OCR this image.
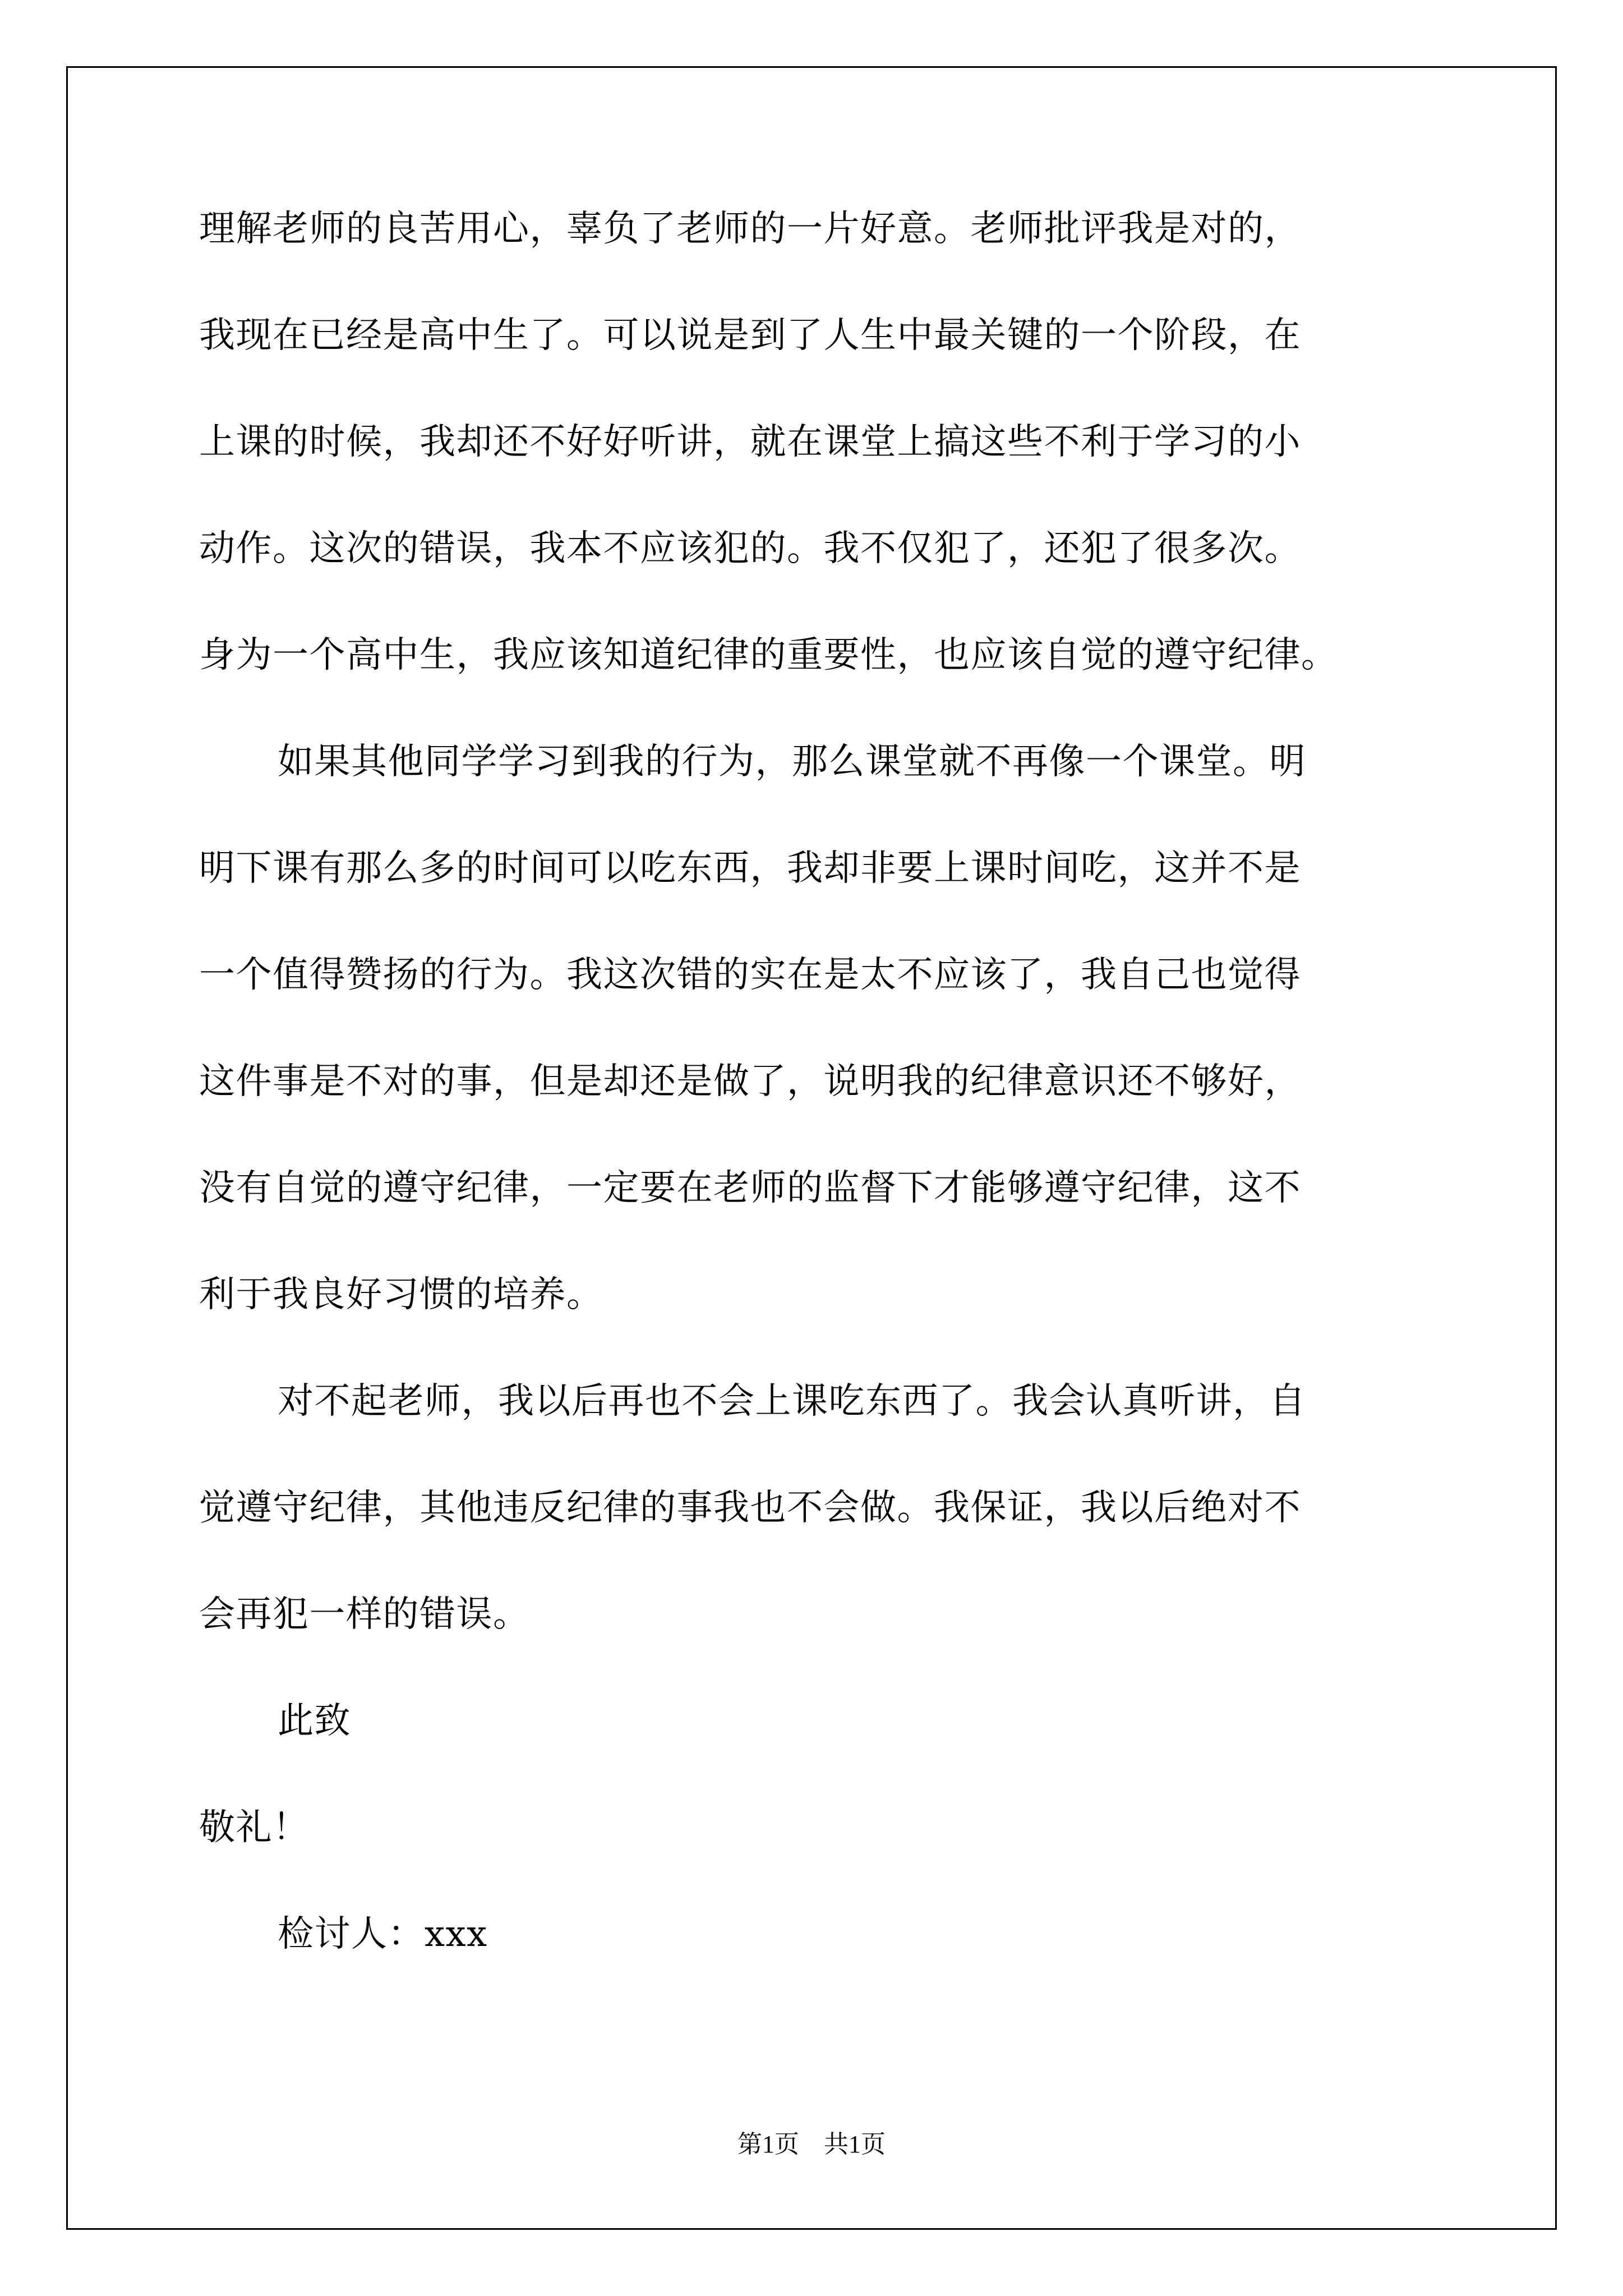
理解老师的良苦用心，辜负了老师的一片好意。老师批评我是对的，
我现在已经是高中生了。可以说是到了人生中最关键的一个阶段，在
上课的时候，我却还不好好听讲，就在课堂上搞这些不利于学习的小
动作。这次的错误，我本不应该犯的。我不仅犯了，还犯了很多次。
身为一个高中生，我应该知道纪律的重要性，也应该自觉的遵守纪律。
如果其他同学学习到我的行为，那么课堂就不再像一个课堂。明
明下课有那么多的时间可以吃东西，我却非要上课时间吃，这并不是
一个值得赞扬的行为。我这次错的实在是太不应该了，我自己也觉得
这件事是不对的事，但是却还是做了，说明我的纪律意识还不够好，
没有自觉的遵守纪律，一定要在老师的监督下才能够遵守纪律，这不
利于我良好习惯的培养。
对不起老师，我以后再也不会上课吃东西了。我会认真听讲，自
觉遵守纪律，其他违反纪律的事我也不会做。我保证，我以后绝对不
会再犯一样的错误。
此致
敬礼！
检讨人：xxx
第1页 共1页
